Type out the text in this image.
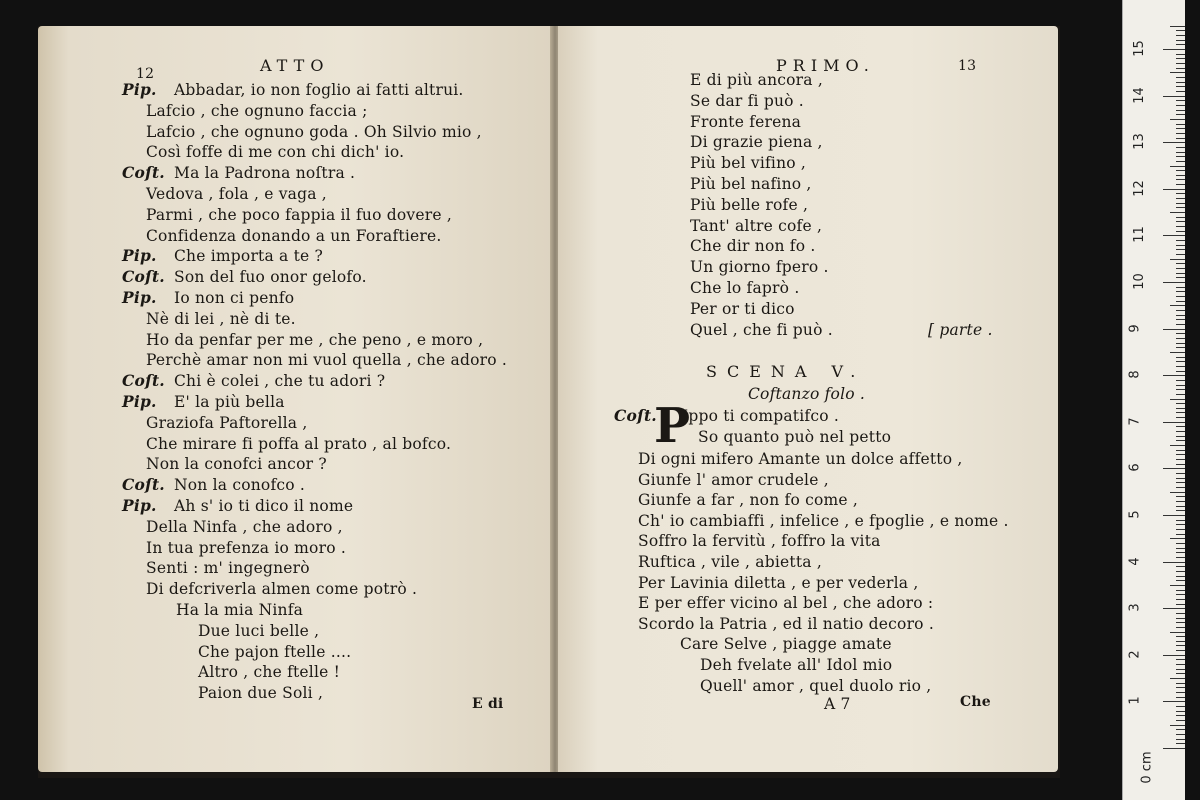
12	ATTO
E di
Pip. Abbadar, io non foglio ai fatti altrui.
Lafcio , che ognuno faccia ;
Lafcio , che ognuno goda . Oh Silvio mio ,
Così foffe di me con chi dich' io.
Coſt. Ma la Padrona noſtra .
Vedova , fola , e vaga ,
Parmi , che poco fappia il fuo dovere ,
Confidenza donando a un Foraftiere.
Pip. Che importa a te ?
Coſt. Son del fuo onor gelofo.
Pip. Io non ci penfo
Nè di lei , nè di te.
Ho da penfar per me , che peno , e moro ,
Perchè amar non mi vuol quella , che adoro .
Coſt. Chi è colei , che tu adori ?
Pip. E' la più bella
Graziofa Paftorella ,
Che mirare fi poffa al prato , al bofco.
Non la conofci ancor ?
Coſt. Non la conofco .
Pip. Ah s' io ti dico il nome
Della Ninfa , che adoro ,
In tua prefenza io moro .
Senti : m' ingegnerò
Di defcriverla almen come potrò .
Ha la mia Ninfa
Due luci belle ,
Che pajon ftelle ....
Altro , che ftelle !
Paion due Soli ,
PRIMO.	13
[ parte .
SCENA V.
Coftanzo folo .
Coſt.
P
Ippo ti compatifco .
So quanto può nel petto
A 7	Che
E di più ancora ,
Se dar fi può .
Fronte ferena
Di grazie piena ,
Più bel vifino ,
Più bel nafino ,
Più belle rofe ,
Tant' altre cofe ,
Che dir non fo .
Un giorno fpero .
Che lo faprò .
Per or ti dico
Quel , che fi può .
Di ogni mifero Amante un dolce affetto ,
Giunfe l' amor crudele ,
Giunfe a far , non fo come ,
Ch' io cambiaffi , infelice , e fpoglie , e nome .
Soffro la fervitù , foffro la vita
Ruftica , vile , abietta ,
Per Lavinia diletta , e per vederla ,
E per effer vicino al bel , che adoro :
Scordo la Patria , ed il natio decoro .
Care Selve , piagge amate
Deh fvelate all' Idol mio
Quell' amor , quel duolo rio ,
0 cm
1
2
3
4
5
6
7
8
9
10
11
12
13
14
15
